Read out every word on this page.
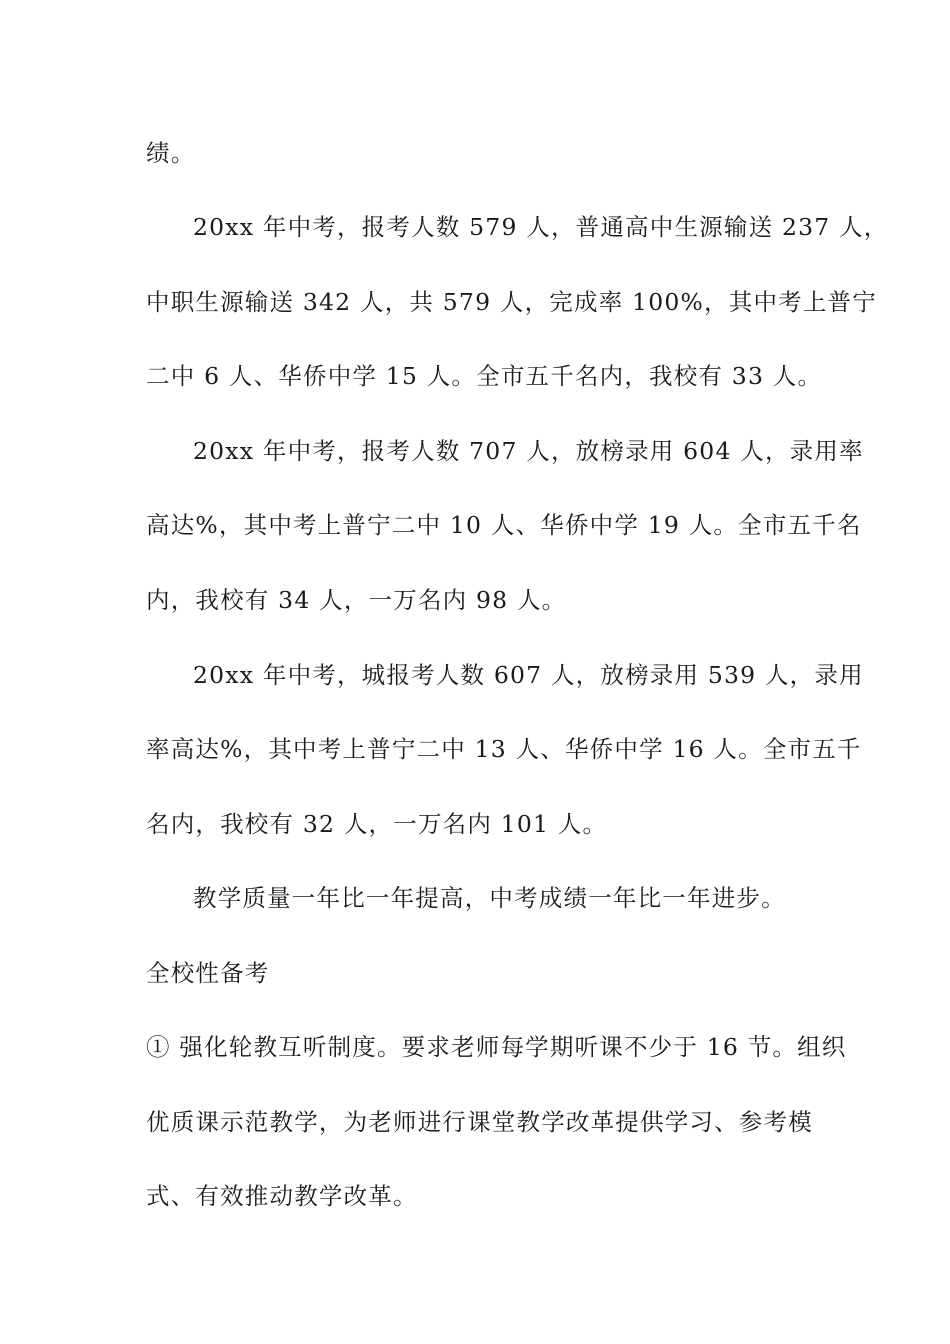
绩。
20xx 年中考，报考人数 579 人，普通高中生源输送 237 人，
中职生源输送 342 人，共 579 人，完成率 100%，其中考上普宁
二中 6 人、华侨中学 15 人。全市五千名内，我校有 33 人。
20xx 年中考，报考人数 707 人，放榜录用 604 人，录用率
高达%，其中考上普宁二中 10 人、华侨中学 19 人。全市五千名
内，我校有 34 人，一万名内 98 人。
20xx 年中考，城报考人数 607 人，放榜录用 539 人，录用
率高达%，其中考上普宁二中 13 人、华侨中学 16 人。全市五千
名内，我校有 32 人，一万名内 101 人。
教学质量一年比一年提高，中考成绩一年比一年进步。
全校性备考
① 强化轮教互听制度。要求老师每学期听课不少于 16 节。组织
优质课示范教学，为老师进行课堂教学改革提供学习、参考模
式、有效推动教学改革。
